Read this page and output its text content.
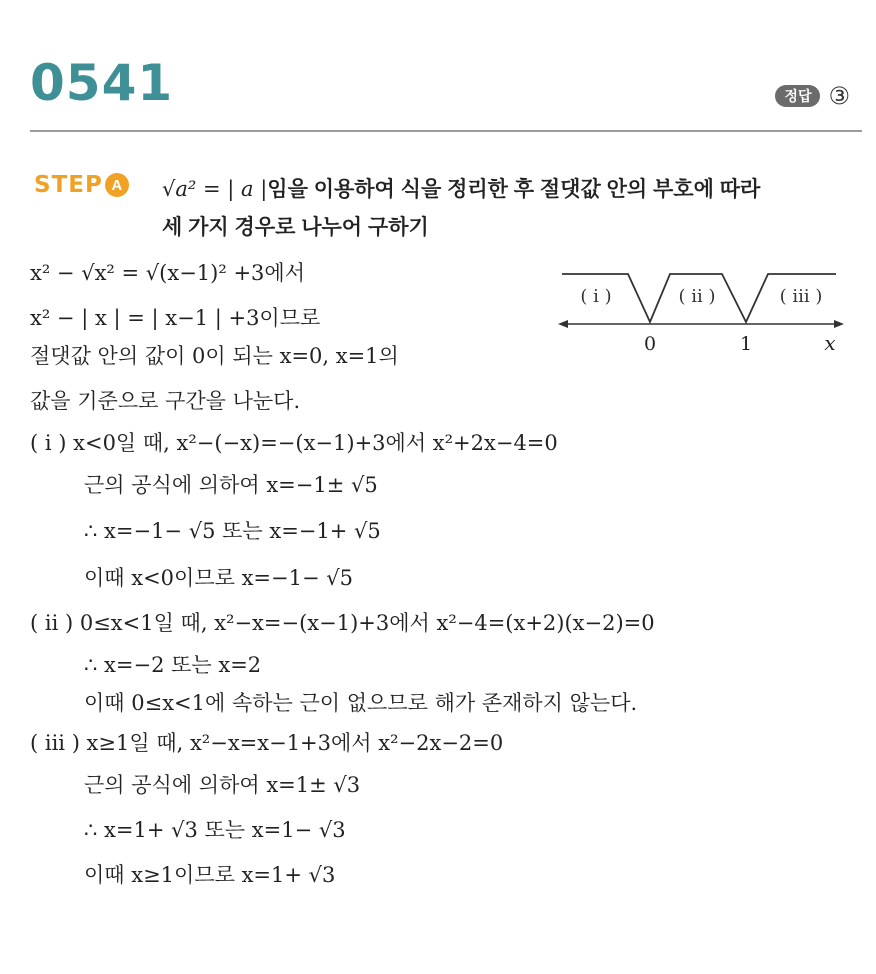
0541	정답 ③
STEP A	√a² = | a |임을 이용하여 식을 정리한 후 절댓값 안의 부호에 따라
세 가지 경우로 나누어 구하기
x² − √x² = √(x−1)² +3에서
x² − | x | = | x−1 | +3이므로
절댓값 안의 값이 0이 되는 x=0, x=1의
값을 기준으로 구간을 나눈다.
( i ) x<0일 때, x²−(−x)=−(x−1)+3에서 x²+2x−4=0
근의 공식에 의하여 x=−1± √5
∴ x=−1− √5 또는 x=−1+ √5
이때 x<0이므로 x=−1− √5
( ii ) 0≤x<1일 때, x²−x=−(x−1)+3에서 x²−4=(x+2)(x−2)=0
∴ x=−2 또는 x=2
이때 0≤x<1에 속하는 근이 없으므로 해가 존재하지 않는다.
( iii ) x≥1일 때, x²−x=x−1+3에서 x²−2x−2=0
근의 공식에 의하여 x=1± √3
∴ x=1+ √3 또는 x=1− √3
이때 x≥1이므로 x=1+ √3
( i )	( ii )	( iii )
0	1	x
